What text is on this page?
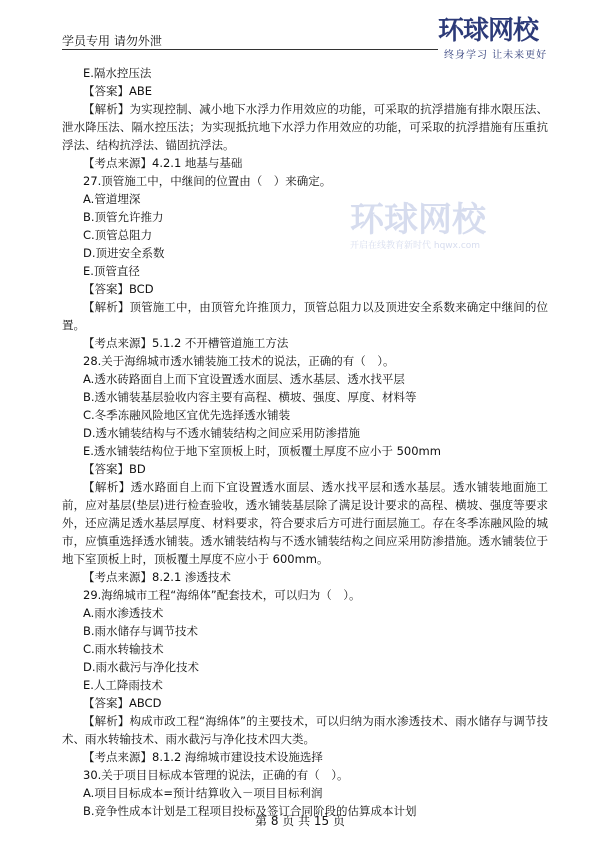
学员专用 请勿外泄	环球网校
终身学习 让未来更好

E.隔水控压法

【答案】ABE

【解析】为实现控制、减小地下水浮力作用效应的功能，可采取的抗浮措施有排水限压法、泄水降压法、隔水控压法；为实现抵抗地下水浮力作用效应的功能，可采取的抗浮措施有压重抗浮法、结构抗浮法、锚固抗浮法。

【考点来源】4.2.1 地基与基础

27.顶管施工中，中继间的位置由（　）来确定。

A.管道埋深

B.顶管允许推力

C.顶管总阻力

D.顶进安全系数

E.顶管直径

【答案】BCD

【解析】顶管施工中，由顶管允许推顶力，顶管总阻力以及顶进安全系数来确定中继间的位置。

【考点来源】5.1.2 不开槽管道施工方法

28.关于海绵城市透水铺装施工技术的说法，正确的有（　）。

A.透水砖路面自上而下宜设置透水面层、透水基层、透水找平层

B.透水铺装基层验收内容主要有高程、横坡、强度、厚度、材料等

C.冬季冻融风险地区宜优先选择透水铺装

D.透水铺装结构与不透水铺装结构之间应采用防渗措施

E.透水铺装结构位于地下室顶板上时，顶板覆土厚度不应小于 500mm

【答案】BD

【解析】透水路面自上而下宜设置透水面层、透水找平层和透水基层。透水铺装地面施工前，应对基层(垫层)进行检查验收，透水铺装基层除了满足设计要求的高程、横坡、强度等要求外，还应满足透水基层厚度、材料要求，符合要求后方可进行面层施工。存在冬季冻融风险的城市，应慎重选择透水铺装。透水铺装结构与不透水铺装结构之间应采用防渗措施。透水铺装位于地下室顶板上时，顶板覆土厚度不应小于 600mm。

【考点来源】8.2.1 渗透技术

29.海绵城市工程“海绵体”配套技术，可以归为（　）。

A.雨水渗透技术

B.雨水储存与调节技术

C.雨水转输技术

D.雨水截污与净化技术

E.人工降雨技术

【答案】ABCD

【解析】构成市政工程“海绵体”的主要技术，可以归纳为雨水渗透技术、雨水储存与调节技术、雨水转输技术、雨水截污与净化技术四大类。

【考点来源】8.1.2 海绵城市建设技术设施选择

30.关于项目目标成本管理的说法，正确的有（　）。

A.项目目标成本=预计结算收入－项目目标利润

B.竞争性成本计划是工程项目投标及签订合同阶段的估算成本计划

环球网校
开启在线教育新时代 hqwx.com
第 8 页 共 15 页
